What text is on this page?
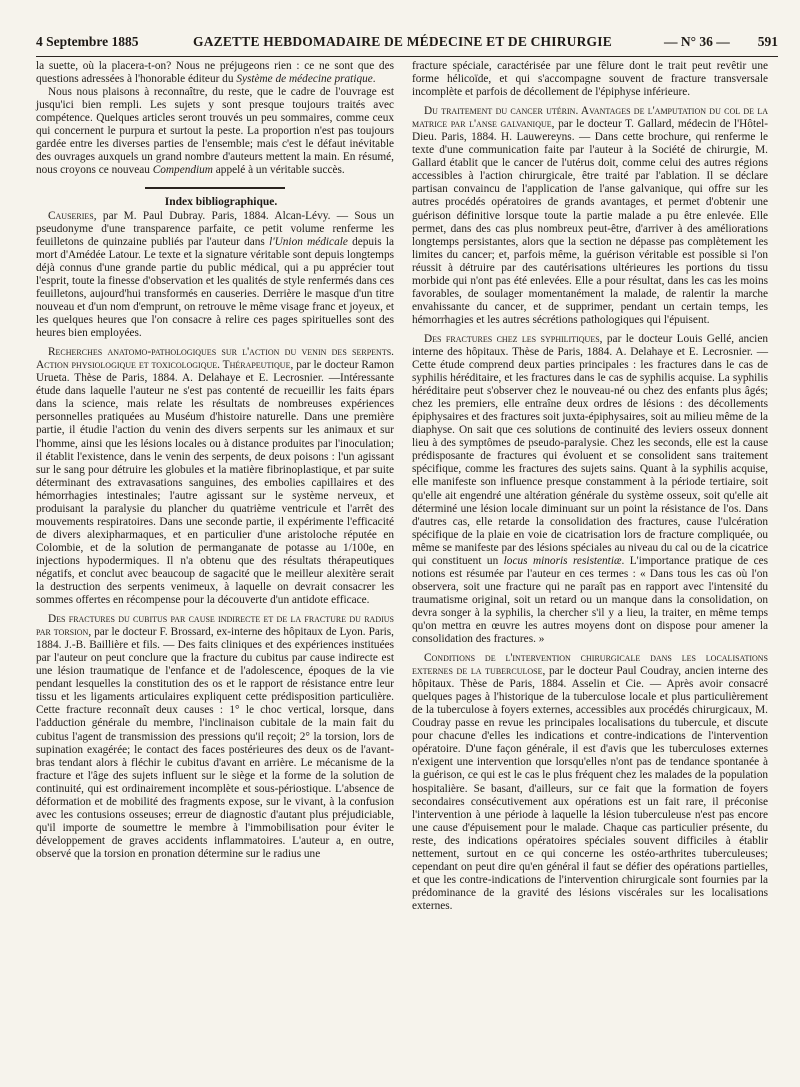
4 Septembre 1885	GAZETTE HEBDOMADAIRE DE MÉDECINE ET DE CHIRURGIE	— N° 36 — 591

la suette, où la placera-t-on? Nous ne préjugeons rien : ce ne sont que des questions adressées à l'honorable éditeur du Système de médecine pratique.

Nous nous plaisons à reconnaître, du reste, que le cadre de l'ouvrage est jusqu'ici bien rempli. Les sujets y sont presque toujours traités avec compétence. Quelques articles seront trouvés un peu sommaires, comme ceux qui concernent le purpura et surtout la peste. La proportion n'est pas toujours gardée entre les diverses parties de l'ensemble; mais c'est le défaut inévitable des ouvrages auxquels un grand nombre d'auteurs mettent la main. En résumé, nous croyons ce nouveau Compendium appelé à un véritable succès.

Index bibliographique.

Causeries, par M. Paul Dubray. Paris, 1884. Alcan-Lévy. — Sous un pseudonyme d'une transparence parfaite, ce petit volume renferme les feuilletons de quinzaine publiés par l'auteur dans l'Union médicale depuis la mort d'Amédée Latour. Le texte et la signature véritable sont depuis longtemps déjà connus d'une grande partie du public médical, qui a pu apprécier tout l'esprit, toute la finesse d'observation et les qualités de style renfermés dans ces feuilletons, aujourd'hui transformés en causeries. Derrière le masque d'un titre nouveau et d'un nom d'emprunt, on retrouve le même visage franc et joyeux, et les quelques heures que l'on consacre à relire ces pages spirituelles sont des heures bien employées.

Recherches anatomo-pathologiques sur l'action du venin des serpents. Action physiologique et toxicologique. Thérapeutique, par le docteur Ramon Urueta. Thèse de Paris, 1884. A. Delahaye et E. Lecrosnier. —Intéressante étude dans laquelle l'auteur ne s'est pas contenté de recueillir les faits épars dans la science, mais relate les résultats de nombreuses expériences personnelles pratiquées au Muséum d'histoire naturelle. Dans une première partie, il étudie l'action du venin des divers serpents sur les animaux et sur l'homme, ainsi que les lésions locales ou à distance produites par l'inoculation; il établit l'existence, dans le venin des serpents, de deux poisons : l'un agissant sur le sang pour détruire les globules et la matière fibrinoplastique, et par suite déterminant des extravasations sanguines, des embolies capillaires et des hémorrhagies intestinales; l'autre agissant sur le système nerveux, et produisant la paralysie du plancher du quatrième ventricule et l'arrêt des mouvements respiratoires. Dans une seconde partie, il expérimente l'efficacité de divers alexipharmaques, et en particulier d'une aristoloche réputée en Colombie, et de la solution de permanganate de potasse au 1/100e, en injections hypodermiques. Il n'a obtenu que des résultats thérapeutiques négatifs, et conclut avec beaucoup de sagacité que le meilleur alexitère serait la destruction des serpents venimeux, à laquelle on devrait consacrer les sommes offertes en récompense pour la découverte d'un antidote efficace.

Des fractures du cubitus par cause indirecte et de la fracture du radius par torsion, par le docteur F. Brossard, ex-interne des hôpitaux de Lyon. Paris, 1884. J.-B. Baillière et fils. — Des faits cliniques et des expériences instituées par l'auteur on peut conclure que la fracture du cubitus par cause indirecte est une lésion traumatique de l'enfance et de l'adolescence, époques de la vie pendant lesquelles la constitution des os et le rapport de résistance entre leur tissu et les ligaments articulaires expliquent cette prédisposition particulière. Cette fracture reconnaît deux causes : 1° le choc vertical, lorsque, dans l'adduction générale du membre, l'inclinaison cubitale de la main fait du cubitus l'agent de transmission des pressions qu'il reçoit; 2° la torsion, lors de supination exagérée; le contact des faces postérieures des deux os de l'avant-bras tendant alors à fléchir le cubitus d'avant en arrière. Le mécanisme de la fracture et l'âge des sujets influent sur le siège et la forme de la solution de continuité, qui est ordinairement incomplète et sous-périostique. L'absence de déformation et de mobilité des fragments expose, sur le vivant, à la confusion avec les contusions osseuses; erreur de diagnostic d'autant plus préjudiciable, qu'il importe de soumettre le membre à l'immobilisation pour éviter le développement de graves accidents inflammatoires. L'auteur a, en outre, observé que la torsion en pronation détermine sur le radius une

fracture spéciale, caractérisée par une fêlure dont le trait peut revêtir une forme hélicoïde, et qui s'accompagne souvent de fracture transversale incomplète et parfois de décollement de l'épiphyse inférieure.

Du traitement du cancer utérin. Avantages de l'amputation du col de la matrice par l'anse galvanique, par le docteur T. Gallard, médecin de l'Hôtel-Dieu. Paris, 1884. H. Lauwereyns. — Dans cette brochure, qui renferme le texte d'une communication faite par l'auteur à la Société de chirurgie, M. Gallard établit que le cancer de l'utérus doit, comme celui des autres régions accessibles à l'action chirurgicale, être traité par l'ablation. Il se déclare partisan convaincu de l'application de l'anse galvanique, qui offre sur les autres procédés opératoires de grands avantages, et permet d'obtenir une guérison définitive lorsque toute la partie malade a pu être enlevée. Elle permet, dans des cas plus nombreux peut-être, d'arriver à des améliorations longtemps persistantes, alors que la section ne dépasse pas complètement les limites du cancer; et, parfois même, la guérison véritable est possible si l'on réussit à détruire par des cautérisations ultérieures les portions du tissu morbide qui n'ont pas été enlevées. Elle a pour résultat, dans les cas les moins favorables, de soulager momentanément la malade, de ralentir la marche envahissante du cancer, et de supprimer, pendant un certain temps, les hémorrhagies et les autres sécrétions pathologiques qui l'épuisent.

Des fractures chez les syphilitiques, par le docteur Louis Gellé, ancien interne des hôpitaux. Thèse de Paris, 1884. A. Delahaye et E. Lecrosnier. — Cette étude comprend deux parties principales : les fractures dans le cas de syphilis héréditaire, et les fractures dans le cas de syphilis acquise. La syphilis héréditaire peut s'observer chez le nouveau-né ou chez des enfants plus âgés; chez les premiers, elle entraîne deux ordres de lésions : des décollements épiphysaires et des fractures soit juxta-épiphysaires, soit au milieu même de la diaphyse. On sait que ces solutions de continuité des leviers osseux donnent lieu à des symptômes de pseudo-paralysie. Chez les seconds, elle est la cause prédisposante de fractures qui évoluent et se consolident sans traitement spécifique, comme les fractures des sujets sains. Quant à la syphilis acquise, elle manifeste son influence presque constamment à la période tertiaire, soit qu'elle ait engendré une altération générale du système osseux, soit qu'elle ait déterminé une lésion locale diminuant sur un point la résistance de l'os. Dans d'autres cas, elle retarde la consolidation des fractures, cause l'ulcération spécifique de la plaie en voie de cicatrisation lors de fracture compliquée, ou même se manifeste par des lésions spéciales au niveau du cal ou de la cicatrice qui constituent un locus minoris resistentiæ. L'importance pratique de ces notions est résumée par l'auteur en ces termes : « Dans tous les cas où l'on observera, soit une fracture qui ne paraît pas en rapport avec l'intensité du traumatisme original, soit un retard ou un manque dans la consolidation, on devra songer à la syphilis, la chercher s'il y a lieu, la traiter, en même temps qu'on mettra en œuvre les autres moyens dont on dispose pour amener la consolidation des fractures. »

Conditions de l'intervention chirurgicale dans les localisations externes de la tuberculose, par le docteur Paul Coudray, ancien interne des hôpitaux. Thèse de Paris, 1884. Asselin et Cie. — Après avoir consacré quelques pages à l'historique de la tuberculose locale et plus particulièrement de la tuberculose à foyers externes, accessibles aux procédés chirurgicaux, M. Coudray passe en revue les principales localisations du tubercule, et discute pour chacune d'elles les indications et contre-indications de l'intervention opératoire. D'une façon générale, il est d'avis que les tuberculoses externes n'exigent une intervention que lorsqu'elles n'ont pas de tendance spontanée à la guérison, ce qui est le cas le plus fréquent chez les malades de la population hospitalière. Se basant, d'ailleurs, sur ce fait que la formation de foyers secondaires consécutivement aux opérations est un fait rare, il préconise l'intervention à une période à laquelle la lésion tuberculeuse n'est pas encore une cause d'épuisement pour le malade. Chaque cas particulier présente, du reste, des indications opératoires spéciales souvent difficiles à établir nettement, surtout en ce qui concerne les ostéo-arthrites tuberculeuses; cependant on peut dire qu'en général il faut se défier des opérations partielles, et que les contre-indications de l'intervention chirurgicale sont fournies par la prédominance de la gravité des lésions viscérales sur les localisations externes.
